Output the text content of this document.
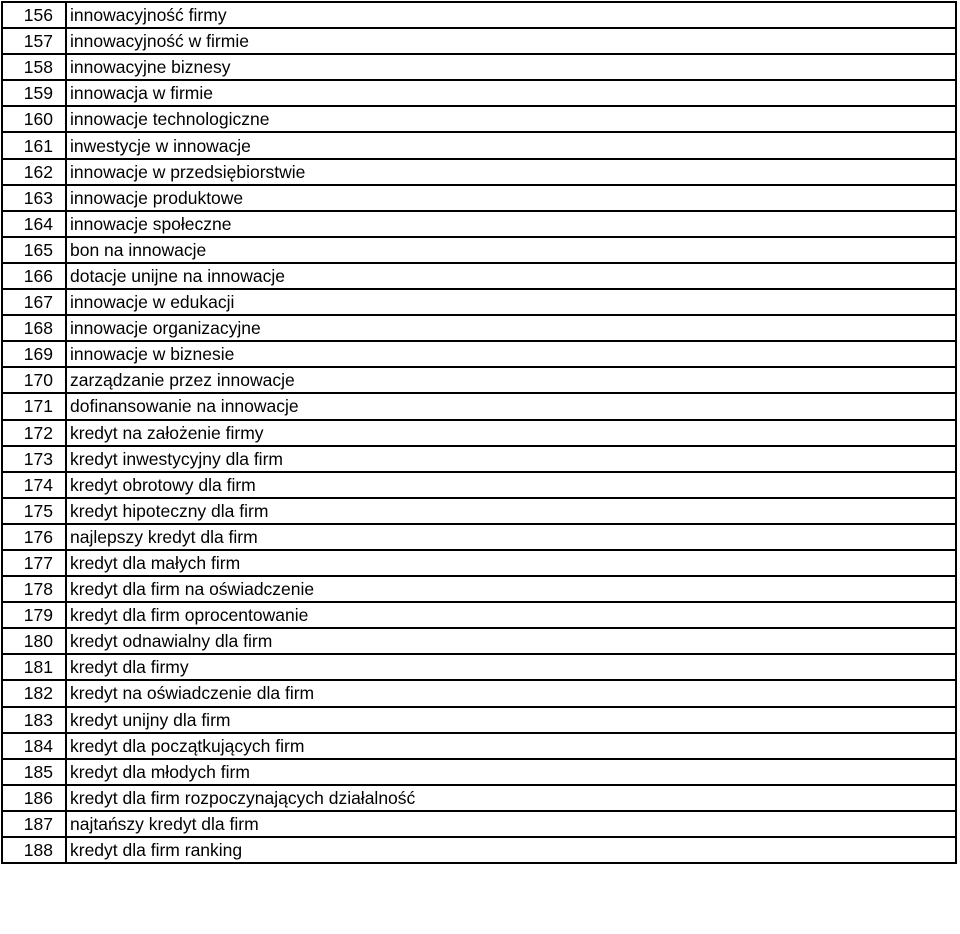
156	innowacyjność firmy
157	innowacyjność w firmie
158	innowacyjne biznesy
159	innowacja w firmie
160	innowacje technologiczne
161	inwestycje w innowacje
162	innowacje w przedsiębiorstwie
163	innowacje produktowe
164	innowacje społeczne
165	bon na innowacje
166	dotacje unijne na innowacje
167	innowacje w edukacji
168	innowacje organizacyjne
169	innowacje w biznesie
170	zarządzanie przez innowacje
171	dofinansowanie na innowacje
172	kredyt na założenie firmy
173	kredyt inwestycyjny dla firm
174	kredyt obrotowy dla firm
175	kredyt hipoteczny dla firm
176	najlepszy kredyt dla firm
177	kredyt dla małych firm
178	kredyt dla firm na oświadczenie
179	kredyt dla firm oprocentowanie
180	kredyt odnawialny dla firm
181	kredyt dla firmy
182	kredyt na oświadczenie dla firm
183	kredyt unijny dla firm
184	kredyt dla początkujących firm
185	kredyt dla młodych firm
186	kredyt dla firm rozpoczynających działalność
187	najtańszy kredyt dla firm
188	kredyt dla firm ranking
